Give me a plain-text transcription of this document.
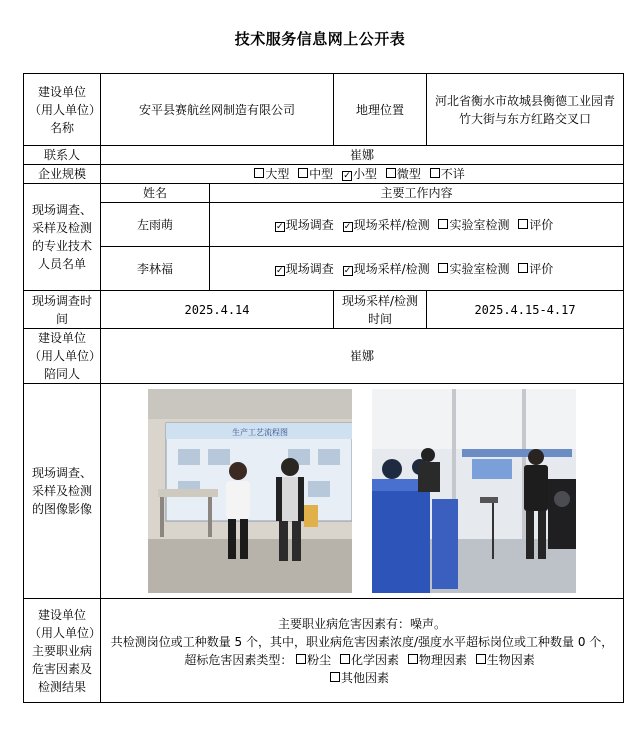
技术服务信息网上公开表
建设单位（用人单位）名称	安平县赛航丝网制造有限公司		地理位置	河北省衡水市故城县衡德工业园青竹大街与东方红路交叉口
联系人	崔娜			
企业规模	大型 中型 ✓ 小型 微型 不详			
现场调查、采样及检测的专业技术人员名单	姓名	主要工作内容		
	左雨萌	✓ 现场调查 ✓ 现场采样/检测 实验室检测 评价		
	李林福	✓ 现场调查 ✓ 现场采样/检测 实验室检测 评价		
现场调查时间	2025.4.14		现场采样/检测时间	2025.4.15-4.17
建设单位（用人单位）陪同人	崔娜			
现场调查、采样及检测的图像影像	生产工艺流程图			

建设单位（用人单位）主要职业病危害因素及检测结果	主要职业病危害因素有：噪声。
共检测岗位或工种数量 5 个，其中，职业病危害因素浓度/强度水平超标岗位或工种数量 0 个，
超标危害因素类型： 粉尘 化学因素 物理因素 生物因素
其他因素			
